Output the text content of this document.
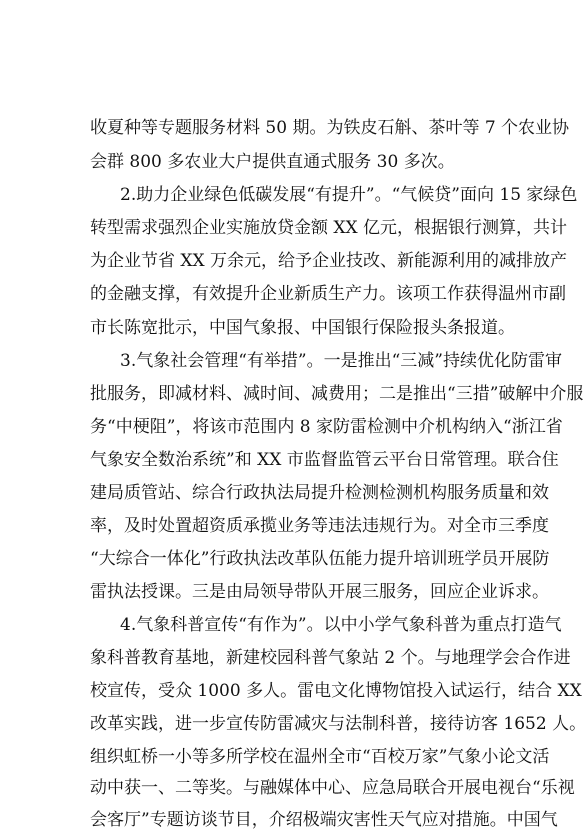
收夏种等专题服务材料 50 期。为铁皮石斛、茶叶等 7 个农业协
会群 800 多农业大户提供直通式服务 30 多次。
2.助力企业绿色低碳发展“有提升”。“气候贷”面向 15 家绿色
转型需求强烈企业实施放贷金额 XX 亿元，根据银行测算，共计
为企业节省 XX 万余元，给予企业技改、新能源利用的减排放产
的金融支撑，有效提升企业新质生产力。该项工作获得温州市副
市长陈宽批示，中国气象报、中国银行保险报头条报道。
3.气象社会管理“有举措”。一是推出“三减”持续优化防雷审
批服务，即减材料、减时间、减费用；二是推出“三措”破解中介服
务“中梗阻”，将该市范围内 8 家防雷检测中介机构纳入“浙江省
气象安全数治系统”和 XX 市监督监管云平台日常管理。联合住
建局质管站、综合行政执法局提升检测检测机构服务质量和效
率，及时处置超资质承揽业务等违法违规行为。对全市三季度
“大综合一体化”行政执法改革队伍能力提升培训班学员开展防
雷执法授课。三是由局领导带队开展三服务，回应企业诉求。
4.气象科普宣传“有作为”。以中小学气象科普为重点打造气
象科普教育基地，新建校园科普气象站 2 个。与地理学会合作进
校宣传，受众 1000 多人。雷电文化博物馆投入试运行，结合 XX
改革实践，进一步宣传防雷减灾与法制科普，接待访客 1652 人。
组织虹桥一小等多所学校在温州全市“百校万家”气象小论文活
动中获一、二等奖。与融媒体中心、应急局联合开展电视台“乐视
会客厅”专题访谈节目，介绍极端灾害性天气应对措施。中国气
